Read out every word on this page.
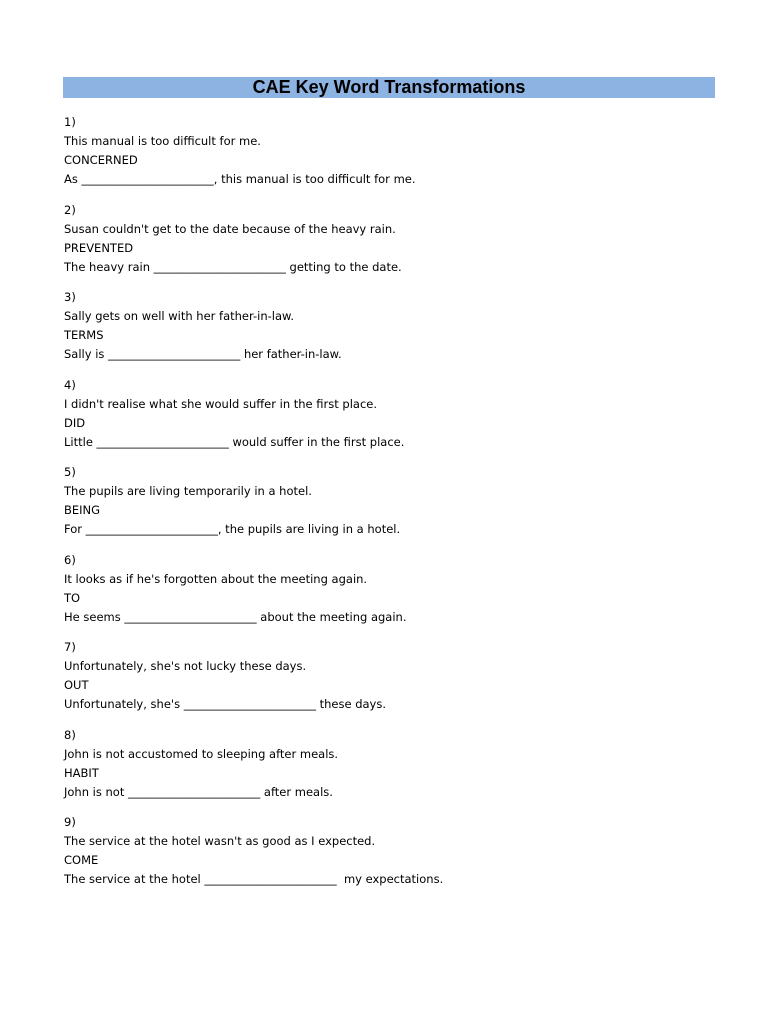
CAE Key Word Transformations
1)
This manual is too difficult for me.
CONCERNED
As _______________________, this manual is too difficult for me.
2)
Susan couldn't get to the date because of the heavy rain.
PREVENTED
The heavy rain _______________________ getting to the date.
3)
Sally gets on well with her father-in-law.
TERMS
Sally is _______________________ her father-in-law.
4)
I didn't realise what she would suffer in the first place.
DID
Little _______________________ would suffer in the first place.
5)
The pupils are living temporarily in a hotel.
BEING
For _______________________, the pupils are living in a hotel.
6)
It looks as if he's forgotten about the meeting again.
TO
He seems _______________________ about the meeting again.
7)
Unfortunately, she's not lucky these days.
OUT
Unfortunately, she's _______________________ these days.
8)
John is not accustomed to sleeping after meals.
HABIT
John is not _______________________ after meals.
9)
The service at the hotel wasn't as good as I expected.
COME
The service at the hotel _______________________  my expectations.
